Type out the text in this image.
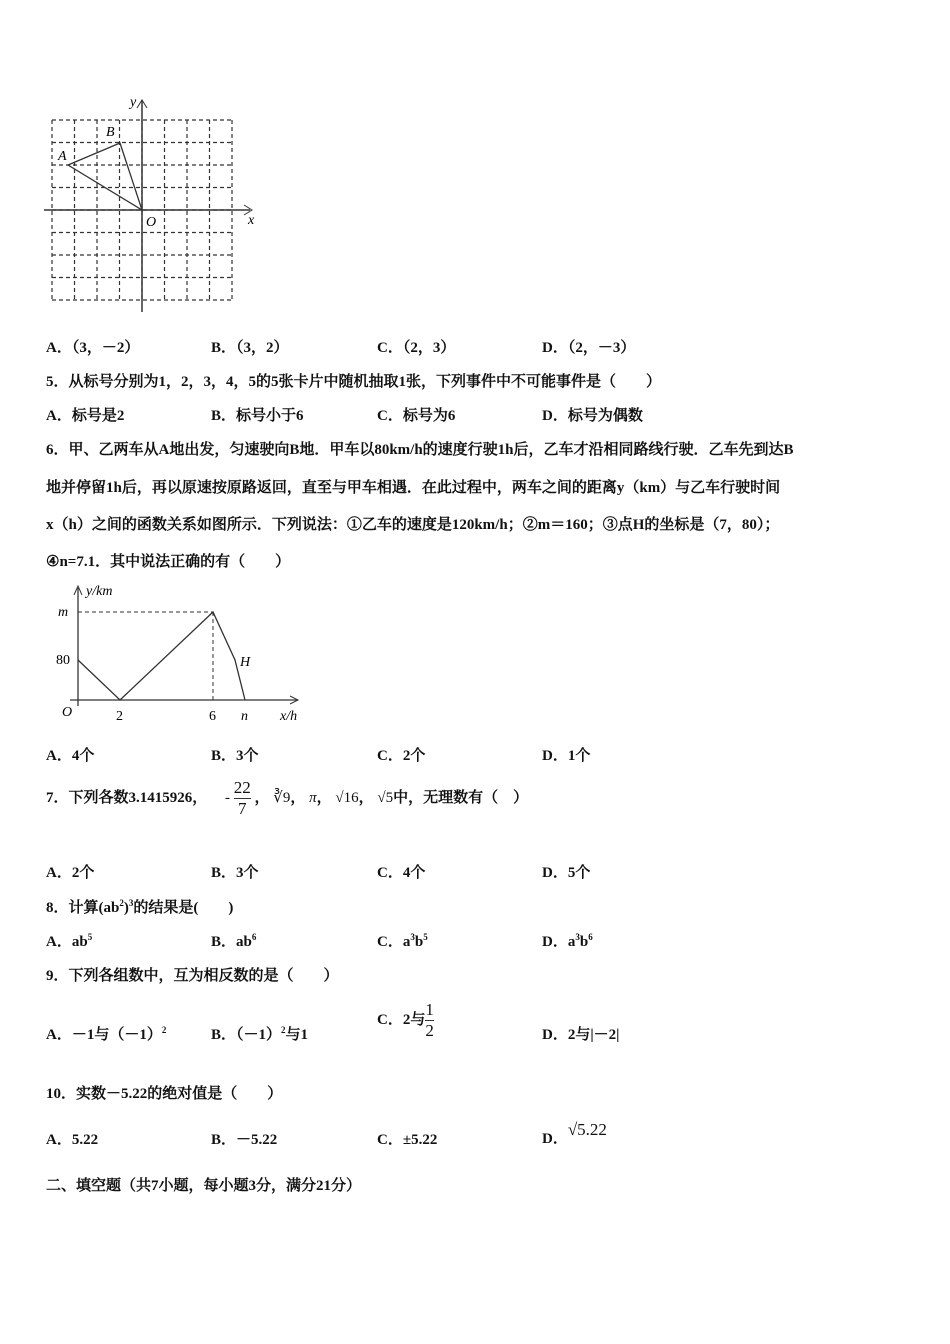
A
B
O	x
y
A．（3，－2）	B．（3，2）	C．（2，3）	D．（2，－3）
5．从标号分别为1，2，3，4，5的5张卡片中随机抽取1张，下列事件中不可能事件是（　　）
A．标号是2	B．标号小于6	C．标号为6	D．标号为偶数
6．甲、乙两车从A地出发，匀速驶向B地．甲车以80km/h的速度行驶1h后，乙车才沿相同路线行驶．乙车先到达B
地并停留1h后，再以原速按原路返回，直至与甲车相遇．在此过程中，两车之间的距离y（km）与乙车行驶时间
x（h）之间的函数关系如图所示．下列说法：①乙车的速度是120km/h；②m＝160；③点H的坐标是（7，80）；
④n=7.1．其中说法正确的有（　　）
y/km
x/h
m
80
O	2	6 n
H
A．4个	B．3个	C．2个	D．1个
7．下列各数3.1415926， - $\frac{22}{7}$ ， ∛9， π， √16， √5中，无理数有（　）
A．2个	B．3个	C．4个	D．5个
8．计算$(ab^2)^3$的结果是(　　)
A．$ab^5$	B．$ab^6$	C．$a^3b^5$	D．$a^3b^6$
9．下列各组数中，互为相反数的是（　　）
A．－1与$(-1)^2$	B．$(-1)^2$与1
C．2与 $\frac{1}{2}$	D．2与|－2|
10．实数－5.22的绝对值是（　　）
A．5.22	B．－5.22	C．±5.22	D．√5.22
二、填空题（共7小题，每小题3分，满分21分）
